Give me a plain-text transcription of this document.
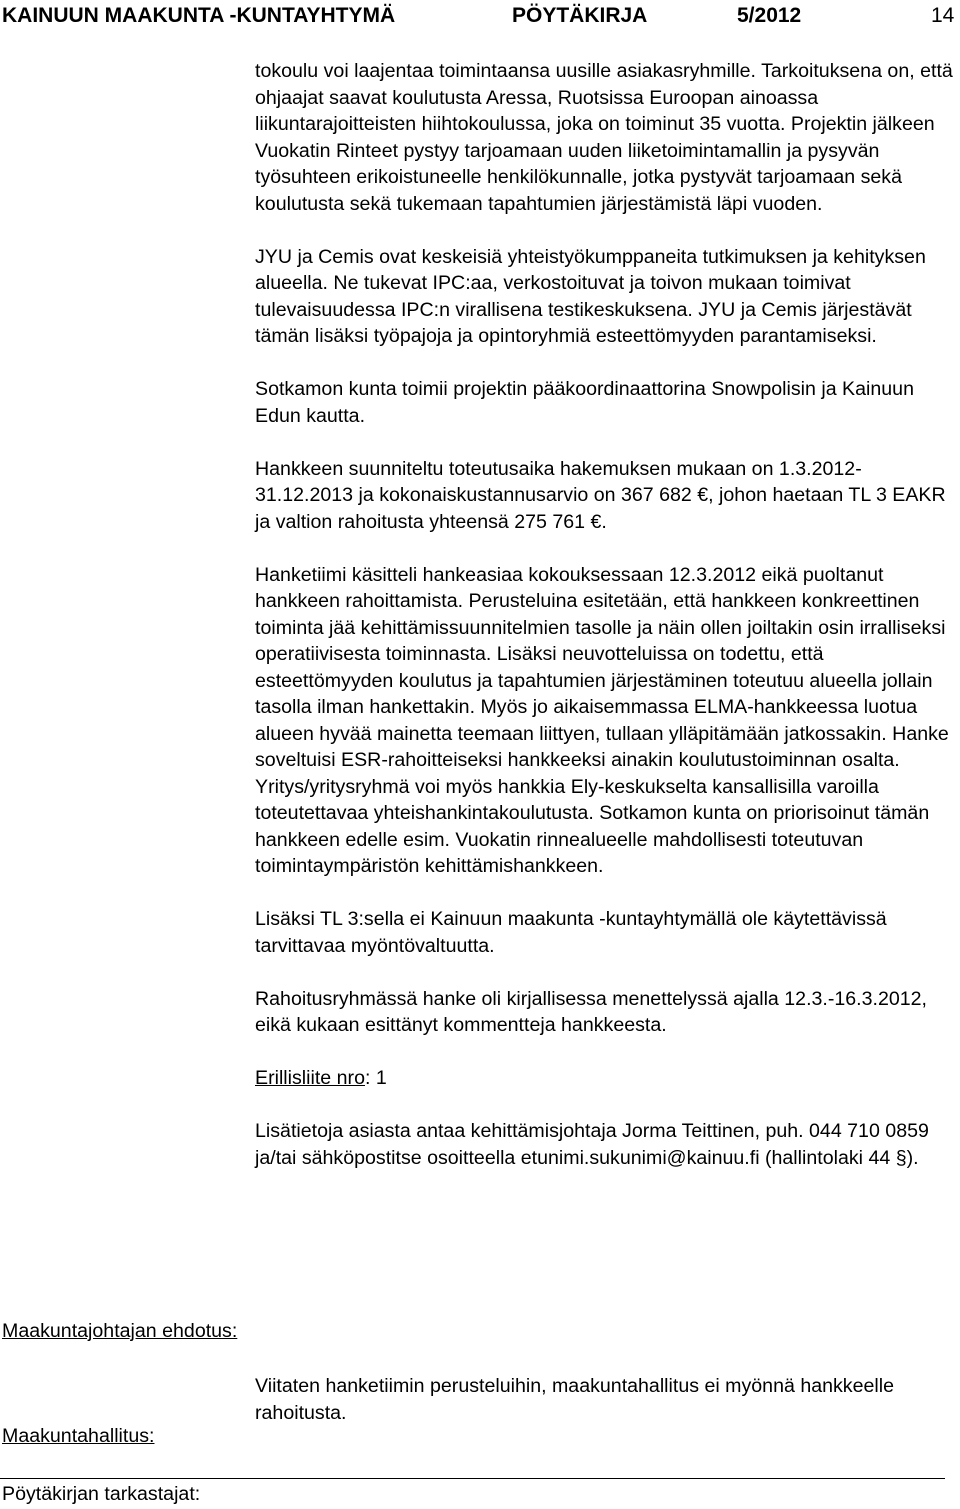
KAINUUN MAAKUNTA -KUNTAYHTYMÄ	PÖYTÄKIRJA	5/2012	14

tokoulu voi laajentaa toimintaansa uusille asiakasryhmille. Tarkoituksena on, että ohjaajat saavat koulutusta Aressa, Ruotsissa Euroopan ainoassa liikuntarajoitteisten hiihtokoulussa, joka on toiminut 35 vuotta. Projektin jälkeen Vuokatin Rinteet pystyy tarjoamaan uuden liiketoimintamallin ja pysyvän työsuhteen erikoistuneelle henkilökunnalle, jotka pystyvät tarjoamaan sekä koulutusta sekä tukemaan tapahtumien järjestämistä läpi vuoden.

JYU ja Cemis ovat keskeisiä yhteistyökumppaneita tutkimuksen ja kehityksen alueella. Ne tukevat IPC:aa, verkostoituvat ja toivon mukaan toimivat tulevaisuudessa IPC:n virallisena testikeskuksena. JYU ja Cemis järjestävät tämän lisäksi työpajoja ja opintoryhmiä esteettömyyden parantamiseksi.

Sotkamon kunta toimii projektin pääkoordinaattorina Snowpolisin ja Kainuun Edun kautta.

Hankkeen suunniteltu toteutusaika hakemuksen mukaan on 1.3.2012-31.12.2013 ja kokonaiskustannusarvio on 367 682 €, johon haetaan TL 3 EAKR ja valtion rahoitusta yhteensä 275 761 €.

Hanketiimi käsitteli hankeasiaa kokouksessaan 12.3.2012 eikä puoltanut hankkeen rahoittamista. Perusteluina esitetään, että hankkeen konkreettinen toiminta jää kehittämissuunnitelmien tasolle ja näin ollen joiltakin osin irralliseksi operatiivisesta toiminnasta. Lisäksi neuvotteluissa on todettu, että esteettömyyden koulutus ja tapahtumien järjestäminen toteutuu alueella jollain tasolla ilman hankettakin. Myös jo aikaisemmassa ELMA-hankkeessa luotua alueen hyvää mainetta teemaan liittyen, tullaan ylläpitämään jatkossakin. Hanke soveltuisi ESR-rahoitteiseksi hankkeeksi ainakin koulutustoiminnan osalta. Yritys/yritysryhmä voi myös hankkia Ely-keskukselta kansallisilla varoilla toteutettavaa yhteishankintakoulutusta. Sotkamon kunta on priorisoinut tämän hankkeen edelle esim. Vuokatin rinnealueelle mahdollisesti toteutuvan toimintaympäristön kehittämishankkeen.

Lisäksi TL 3:sella ei Kainuun maakunta -kuntayhtymällä ole käytettävissä tarvittavaa myöntövaltuutta.

Rahoitusryhmässä hanke oli kirjallisessa menettelyssä ajalla 12.3.-16.3.2012, eikä kukaan esittänyt kommentteja hankkeesta.

Erillisliite nro: 1

Lisätietoja asiasta antaa kehittämisjohtaja Jorma Teittinen, puh. 044 710 0859 ja/tai sähköpostitse osoitteella etunimi.sukunimi@kainuu.fi (hallintolaki 44 §).

Maakuntajohtajan ehdotus:

Viitaten hanketiimin perusteluihin, maakuntahallitus ei myönnä hankkeelle rahoitusta.

Maakuntahallitus:
Pöytäkirjan tarkastajat:
